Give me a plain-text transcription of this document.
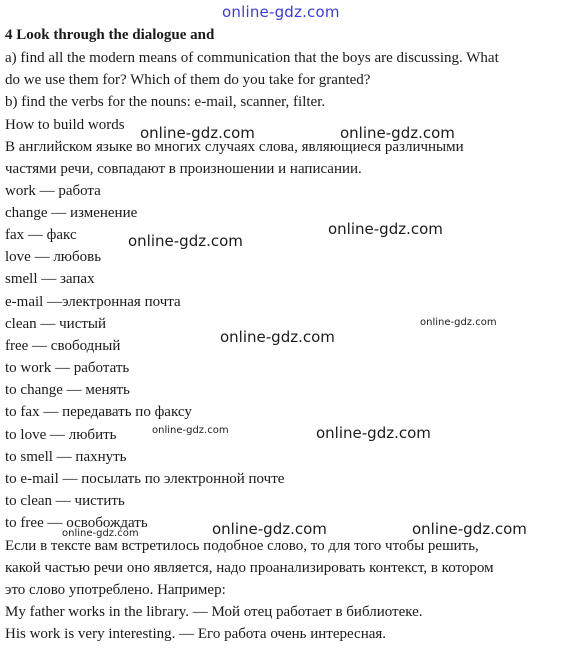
online-gdz.com
4 Look through the dialogue and
a) find all the modern means of communication that the boys are discussing. What
do we use them for? Which of them do you take for granted?
b) find the verbs for the nouns: e-mail, scanner, filter.
How to build words
В английском языке во многих случаях слова, являющиеся различными
частями речи, совпадают в произношении и написании.
work — работа
change — изменение
fax — факс
love — любовь
smell — запах
e-mail —электронная почта
clean — чистый
free — свободный
to work — работать
to change — менять
to fax — передавать по факсу
to love — любить
to smell — пахнуть
to e-mail — посылать по электронной почте
to clean — чистить
to free — освобождать
Если в тексте вам встретилось подобное слово, то для того чтобы решить,
какой частью речи оно является, надо проанализировать контекст, в котором
это слово употреблено. Например:
My father works in the library. — Мой отец работает в библиотеке.
His work is very interesting. — Его работа очень интересная.
online-gdz.com	online-gdz.com
online-gdz.com
online-gdz.com
online-gdz.com
online-gdz.com
online-gdz.com	online-gdz.com
online-gdz.com	online-gdz.com
online-gdz.com
